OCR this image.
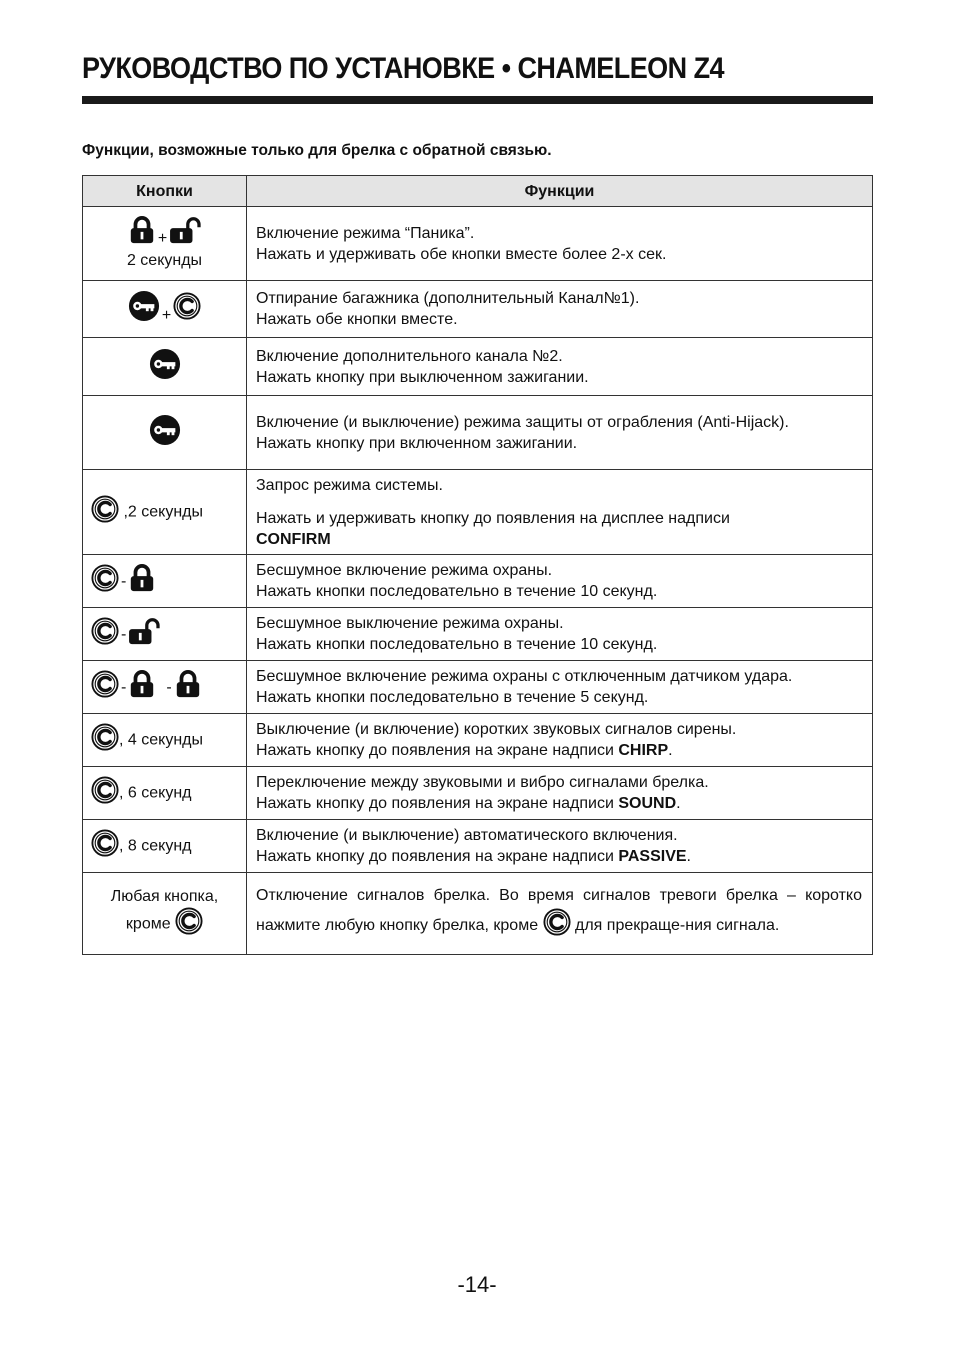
РУКОВОДСТВО ПО УСТАНОВКЕ • CHAMELEON Z4
Функции, возможные только для брелка с обратной связью.
Кнопки	Функции
+
2 секунды	Включение режима “Паника”.
Нажать и удерживать обе кнопки вместе более 2-х сек.

+	Отпирание багажника (дополнительный Канал№1).
Нажать обе кнопки вместе.

Включение дополнительного канала №2.
Нажать кнопку при выключенном зажигании.

Включение (и выключение) режима защиты от ограбления (Anti-Hijack).
Нажать кнопку при включенном зажигании.

,2 секунды	Запрос режима системы.
Нажать и удерживать кнопку до появления на дисплее надписи
CONFIRM

-	Бесшумное включение режима охраны.
Нажать кнопки последовательно в течение 10 секунд.

-	Бесшумное выключение режима охраны.
Нажать кнопки последовательно в течение 10 секунд.

- -	Бесшумное включение режима охраны с отключенным датчиком удара.
Нажать кнопки последовательно в течение 5 секунд.

, 4 секунды	Выключение (и включение) коротких звуковых сигналов сирены.
Нажать кнопку до появления на экране надписи CHIRP.

, 6 секунд	Переключение между звуковыми и вибро сигналами брелка.
Нажать кнопку до появления на экране надписи SOUND.

, 8 секунд	Включение (и выключение) автоматического включения.
Нажать кнопку до появления на экране надписи PASSIVE.

Любая кнопка,
кроме	Отключение сигналов брелка. Во время сигналов тревоги брелка – коротко нажмите любую кнопку брелка, кроме для прекраще-ния сигнала.
-14-
